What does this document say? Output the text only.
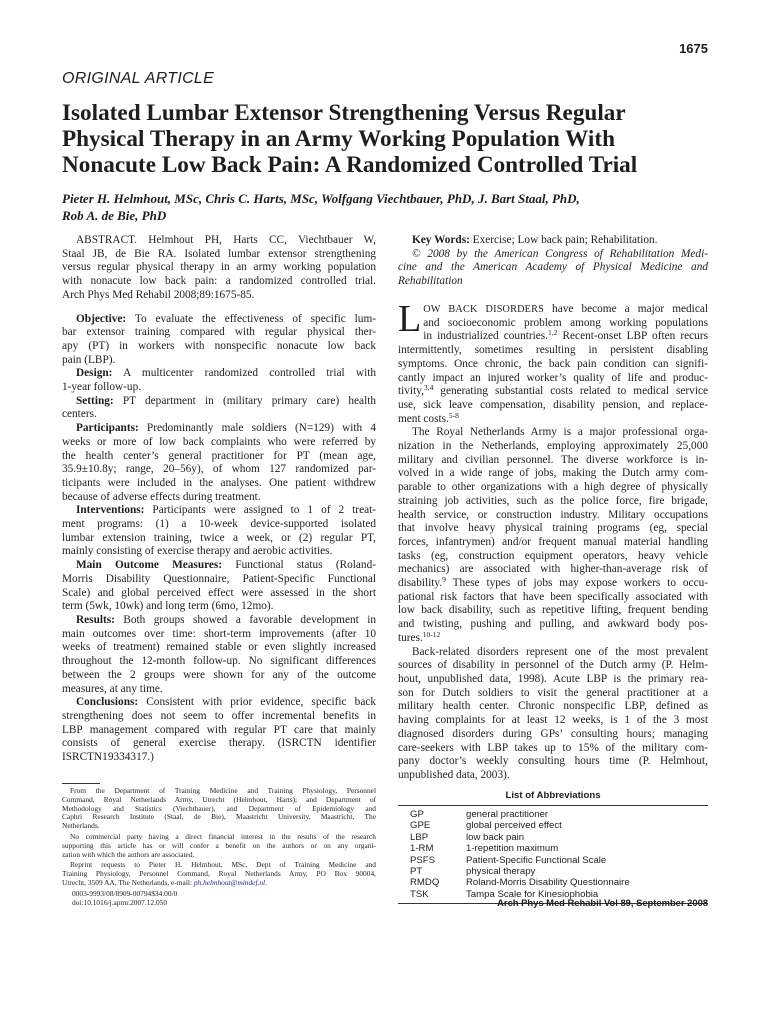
1675
ORIGINAL ARTICLE
Isolated Lumbar Extensor Strengthening Versus Regular
Physical Therapy in an Army Working Population With
Nonacute Low Back Pain: A Randomized Controlled Trial
Pieter H. Helmhout, MSc, Chris C. Harts, MSc, Wolfgang Viechtbauer, PhD, J. Bart Staal, PhD,
Rob A. de Bie, PhD
ABSTRACT. Helmhout PH, Harts CC, Viechtbauer W,
Staal JB, de Bie RA. Isolated lumbar extensor strengthening
versus regular physical therapy in an army working population
with nonacute low back pain: a randomized controlled trial.
Arch Phys Med Rehabil 2008;89:1675-85.
Objective: To evaluate the effectiveness of specific lum-
bar extensor training compared with regular physical ther-
apy (PT) in workers with nonspecific nonacute low back
pain (LBP).
Design: A multicenter randomized controlled trial with
1-year follow-up.
Setting: PT department in (military primary care) health
centers.
Participants: Predominantly male soldiers (N=129) with 4
weeks or more of low back complaints who were referred by
the health center’s general practitioner for PT (mean age,
35.9±10.8y; range, 20–56y), of whom 127 randomized par-
ticipants were included in the analyses. One patient withdrew
because of adverse effects during treatment.
Interventions: Participants were assigned to 1 of 2 treat-
ment programs: (1) a 10-week device-supported isolated
lumbar extension training, twice a week, or (2) regular PT,
mainly consisting of exercise therapy and aerobic activities.
Main Outcome Measures: Functional status (Roland-
Morris Disability Questionnaire, Patient-Specific Functional
Scale) and global perceived effect were assessed in the short
term (5wk, 10wk) and long term (6mo, 12mo).
Results: Both groups showed a favorable development in
main outcomes over time: short-term improvements (after 10
weeks of treatment) remained stable or even slightly increased
throughout the 12-month follow-up. No significant differences
between the 2 groups were shown for any of the outcome
measures, at any time.
Conclusions: Consistent with prior evidence, specific back
strengthening does not seem to offer incremental benefits in
LBP management compared with regular PT care that mainly
consists of general exercise therapy. (ISRCTN identifier
ISRCTN19334317.)
Key Words: Exercise; Low back pain; Rehabilitation.
© 2008 by the American Congress of Rehabilitation Medi-
cine and the American Academy of Physical Medicine and
Rehabilitation
L OW BACK DISORDERS have become a major medical
and socioeconomic problem among working populations
in industrialized countries.$^{1,2}$ Recent-onset LBP often recurs
intermittently, sometimes resulting in persistent disabling
symptoms. Once chronic, the back pain condition can signifi-
cantly impact an injured worker’s quality of life and produc-
tivity,$^{3,4}$ generating substantial costs related to medical service
use, sick leave compensation, disability pension, and replace-
ment costs.$^{5-8}$
The Royal Netherlands Army is a major professional orga-
nization in the Netherlands, employing approximately 25,000
military and civilian personnel. The diverse workforce is in-
volved in a wide range of jobs, making the Dutch army com-
parable to other organizations with a high degree of physically
straining job activities, such as the police force, fire brigade,
health service, or construction industry. Military occupations
that involve heavy physical training programs (eg, special
forces, infantrymen) and/or frequent manual material handling
tasks (eg, construction equipment operators, heavy vehicle
mechanics) are associated with higher-than-average risk of
disability.$^9$ These types of jobs may expose workers to occu-
pational risk factors that have been specifically associated with
low back disability, such as repetitive lifting, frequent bending
and twisting, pushing and pulling, and awkward body pos-
tures.$^{10-12}$
Back-related disorders represent one of the most prevalent
sources of disability in personnel of the Dutch army (P. Helm-
hout, unpublished data, 1998). Acute LBP is the primary rea-
son for Dutch soldiers to visit the general practitioner at a
military health center. Chronic nonspecific LBP, defined as
having complaints for at least 12 weeks, is 1 of the 3 most
diagnosed disorders during GPs’ consulting hours; managing
care-seekers with LBP takes up to 15% of the military com-
pany doctor’s weekly consulting hours time (P. Helmhout,
unpublished data, 2003).
From the Department of Training Medicine and Training Physiology, Personnel
Command, Royal Netherlands Army, Utrecht (Helmhout, Harts); and Department of
Methodology and Statistics (Viechtbauer), and Department of Epidemiology and
Caphri Research Institute (Staal, de Bie), Maastricht University, Maastricht, The
Netherlands.
No commercial party having a direct financial interest in the results of the research
supporting this article has or will confer a benefit on the authors or on any organi-
zation with which the authors are associated.
Reprint requests to Pieter H. Helmhout, MSc, Dept of Training Medicine and
Training Physiology, Personnel Command, Royal Netherlands Army, PO Box 90004,
Utrecht, 3509 AA, The Netherlands, e-mail: ph.helmhout@mindef.nl.
0003-9993/08/8909-00794$34.00/0
doi:10.1016/j.apmr.2007.12.050
List of Abbreviations
GP	general practitioner
GPE	global perceived effect
LBP	low back pain
1-RM	1-repetition maximum
PSFS	Patient-Specific Functional Scale
PT	physical therapy
RMDQ	Roland-Morris Disability Questionnaire
TSK	Tampa Scale for Kinesiophobia
Arch Phys Med Rehabil Vol 89, September 2008
